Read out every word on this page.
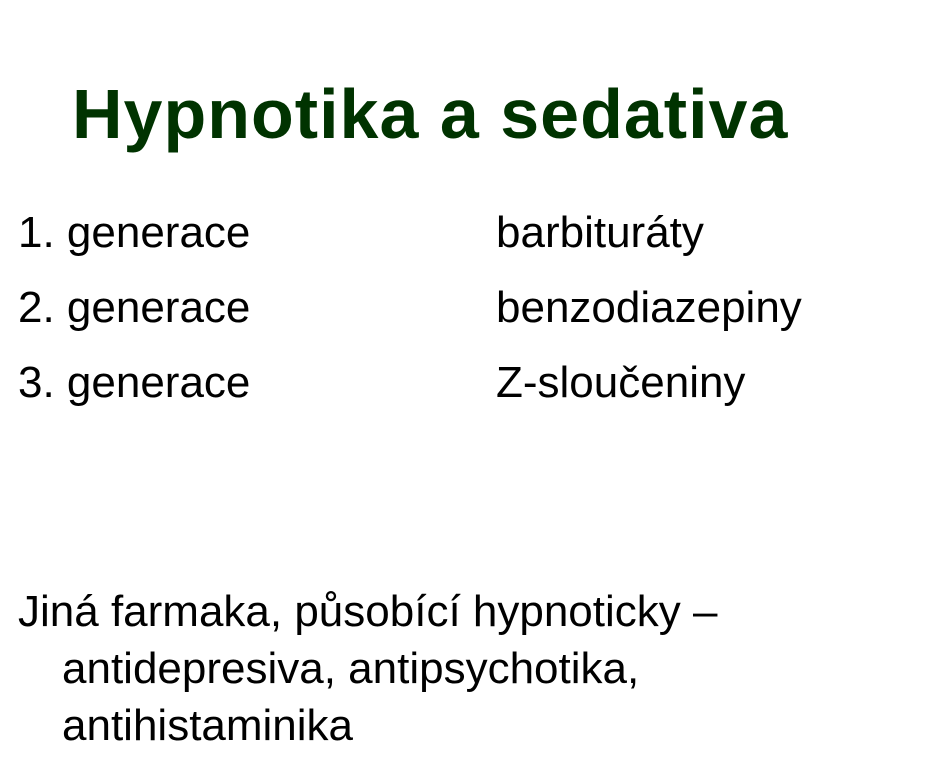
Hypnotika a sedativa
1. generace	barbituráty
2. generace	benzodiazepiny
3. generace	Z-sloučeniny
Jiná farmaka, působící hypnoticky –
antidepresiva, antipsychotika,
antihistaminika
